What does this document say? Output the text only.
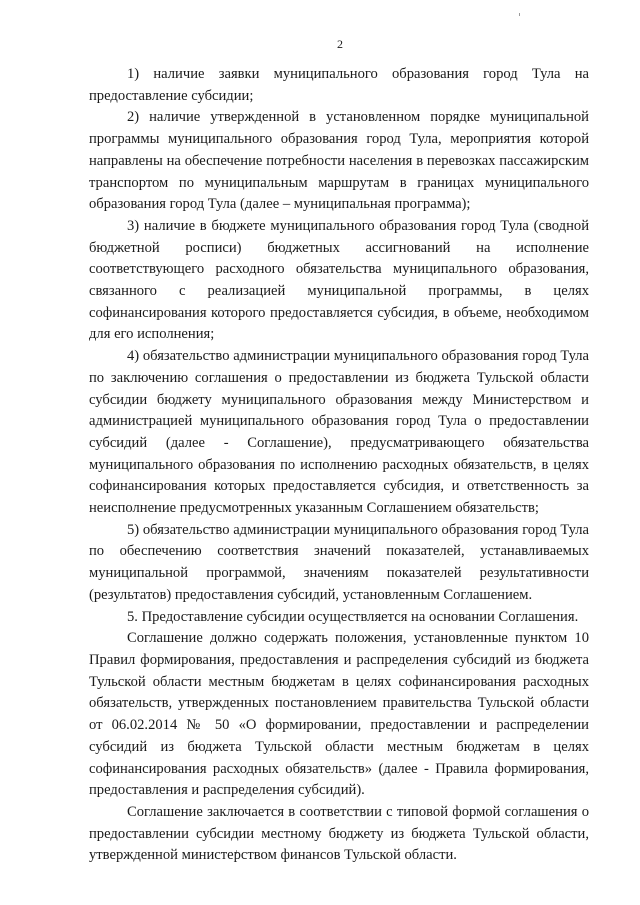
2

1) наличие заявки муниципального образования город Тула на предоставление субсидии;

2) наличие утвержденной в установленном порядке муниципальной программы муниципального образования город Тула, мероприятия которой направлены на обеспечение потребности населения в перевозках пассажирским транспортом по муниципальным маршрутам в границах муниципального образования город Тула (далее – муниципальная программа);

3) наличие в бюджете муниципального образования город Тула (сводной бюджетной росписи) бюджетных ассигнований на исполнение соответствующего расходного обязательства муниципального образования, связанного с реализацией муниципальной программы, в целях софинансирования которого предоставляется субсидия, в объеме, необходимом для его исполнения;

4) обязательство администрации муниципального образования город Тула по заключению соглашения о предоставлении из бюджета Тульской области субсидии бюджету муниципального образования между Министерством и администрацией муниципального образования город Тула о предоставлении субсидий (далее - Соглашение), предусматривающего обязательства муниципального образования по исполнению расходных обязательств, в целях софинансирования которых предоставляется субсидия, и ответственность за неисполнение предусмотренных указанным Соглашением обязательств;

5) обязательство администрации муниципального образования город Тула по обеспечению соответствия значений показателей, устанавливаемых муниципальной программой, значениям показателей результативности (результатов) предоставления субсидий, установленным Соглашением.

5. Предоставление субсидии осуществляется на основании Соглашения.

Соглашение должно содержать положения, установленные пунктом 10 Правил формирования, предоставления и распределения субсидий из бюджета Тульской области местным бюджетам в целях софинансирования расходных обязательств, утвержденных постановлением правительства Тульской области от 06.02.2014 № 50 «О формировании, предоставлении и распределении субсидий из бюджета Тульской области местным бюджетам в целях софинансирования расходных обязательств» (далее - Правила формирования, предоставления и распределения субсидий).

Соглашение заключается в соответствии с типовой формой соглашения о предоставлении субсидии местному бюджету из бюджета Тульской области, утвержденной министерством финансов Тульской области.
